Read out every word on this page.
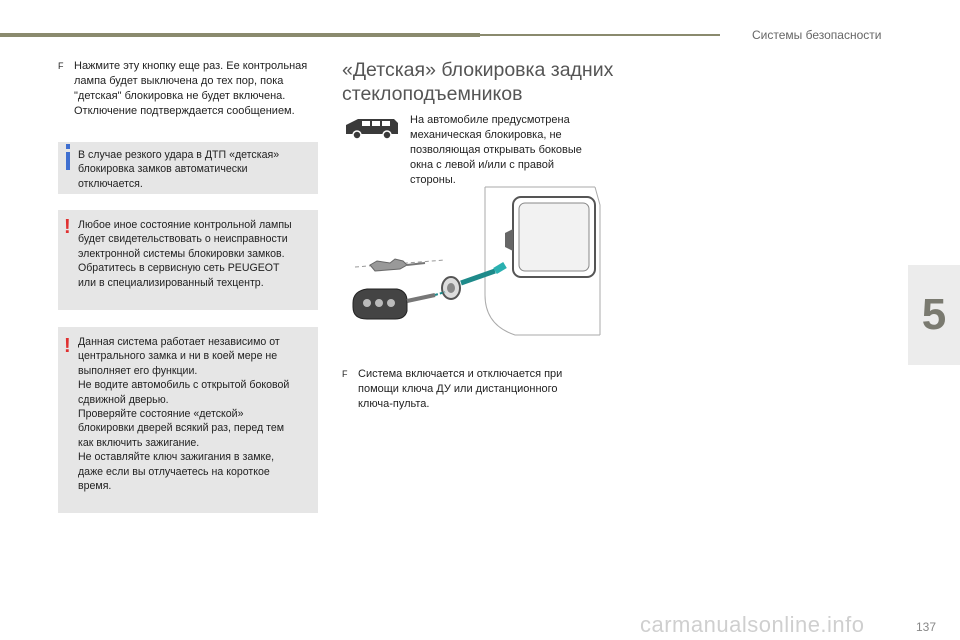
Системы безопасности
5
F Нажмите эту кнопку еще раз. Ее контрольная
лампа будет выключена до тех пор, пока
"детская" блокировка не будет включена.
Отключение подтверждается сообщением.
В случае резкого удара в ДТП «детская»
блокировка замков автоматически
отключается.
! Любое иное состояние контрольной лампы
будет свидетельствовать о неисправности
электронной системы блокировки замков.
Обратитесь в сервисную сеть PEUGEOT
или в специализированный техцентр.
! Данная система работает независимо от
центрального замка и ни в коей мере не
выполняет его функции.
Не водите автомобиль с открытой боковой
сдвижной дверью.
Проверяйте состояние «детской»
блокировки дверей всякий раз, перед тем
как включить зажигание.
Не оставляйте ключ зажигания в замке,
даже если вы отлучаетесь на короткое
время.
«Детская» блокировка задних
стеклоподъемников
На автомобиле предусмотрена
механическая блокировка, не
позволяющая открывать боковые
окна с левой и/или с правой
стороны.
F Система включается и отключается при
помощи ключа ДУ или дистанционного
ключа-пульта.
carmanualsonline.info	137
